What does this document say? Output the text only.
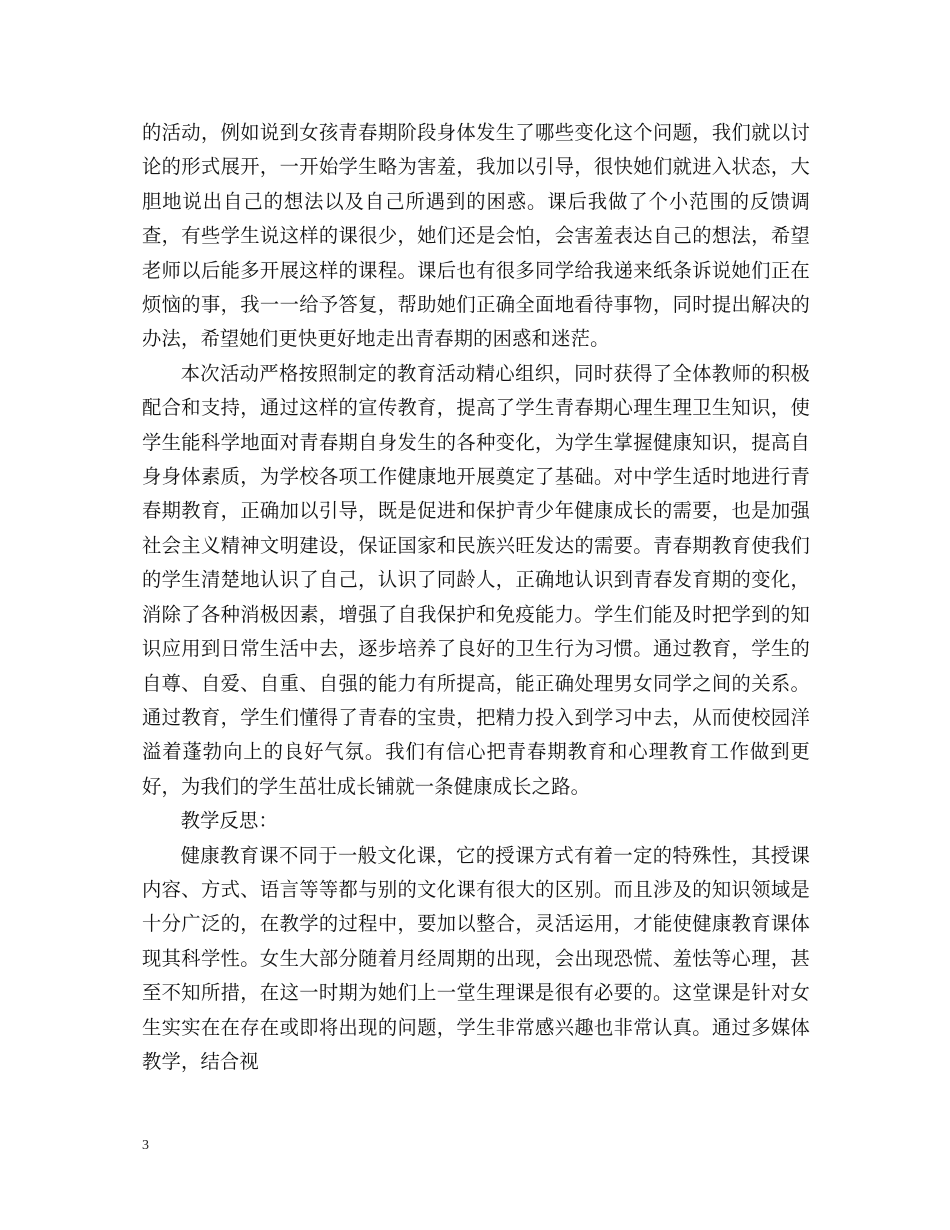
的活动，例如说到女孩青春期阶段身体发生了哪些变化这个问题，我们就以讨论的形式展开，一开始学生略为害羞，我加以引导，很快她们就进入状态，大胆地说出自己的想法以及自己所遇到的困惑。课后我做了个小范围的反馈调查，有些学生说这样的课很少，她们还是会怕，会害羞表达自己的想法，希望老师以后能多开展这样的课程。课后也有很多同学给我递来纸条诉说她们正在烦恼的事，我一一给予答复，帮助她们正确全面地看待事物，同时提出解决的办法，希望她们更快更好地走出青春期的困惑和迷茫。

本次活动严格按照制定的教育活动精心组织，同时获得了全体教师的积极配合和支持，通过这样的宣传教育，提高了学生青春期心理生理卫生知识，使学生能科学地面对青春期自身发生的各种变化，为学生掌握健康知识，提高自身身体素质，为学校各项工作健康地开展奠定了基础。对中学生适时地进行青春期教育，正确加以引导，既是促进和保护青少年健康成长的需要，也是加强社会主义精神文明建设，保证国家和民族兴旺发达的需要。青春期教育使我们的学生清楚地认识了自己，认识了同龄人，正确地认识到青春发育期的变化，消除了各种消极因素，增强了自我保护和免疫能力。学生们能及时把学到的知识应用到日常生活中去，逐步培养了良好的卫生行为习惯。通过教育，学生的自尊、自爱、自重、自强的能力有所提高，能正确处理男女同学之间的关系。通过教育，学生们懂得了青春的宝贵，把精力投入到学习中去，从而使校园洋溢着蓬勃向上的良好气氛。我们有信心把青春期教育和心理教育工作做到更好，为我们的学生茁壮成长铺就一条健康成长之路。

教学反思：

健康教育课不同于一般文化课，它的授课方式有着一定的特殊性，其授课内容、方式、语言等等都与别的文化课有很大的区别。而且涉及的知识领域是十分广泛的，在教学的过程中，要加以整合，灵活运用，才能使健康教育课体现其科学性。女生大部分随着月经周期的出现，会出现恐慌、羞怯等心理，甚至不知所措，在这一时期为她们上一堂生理课是很有必要的。这堂课是针对女生实实在在存在或即将出现的问题，学生非常感兴趣也非常认真。通过多媒体教学，结合视

3
